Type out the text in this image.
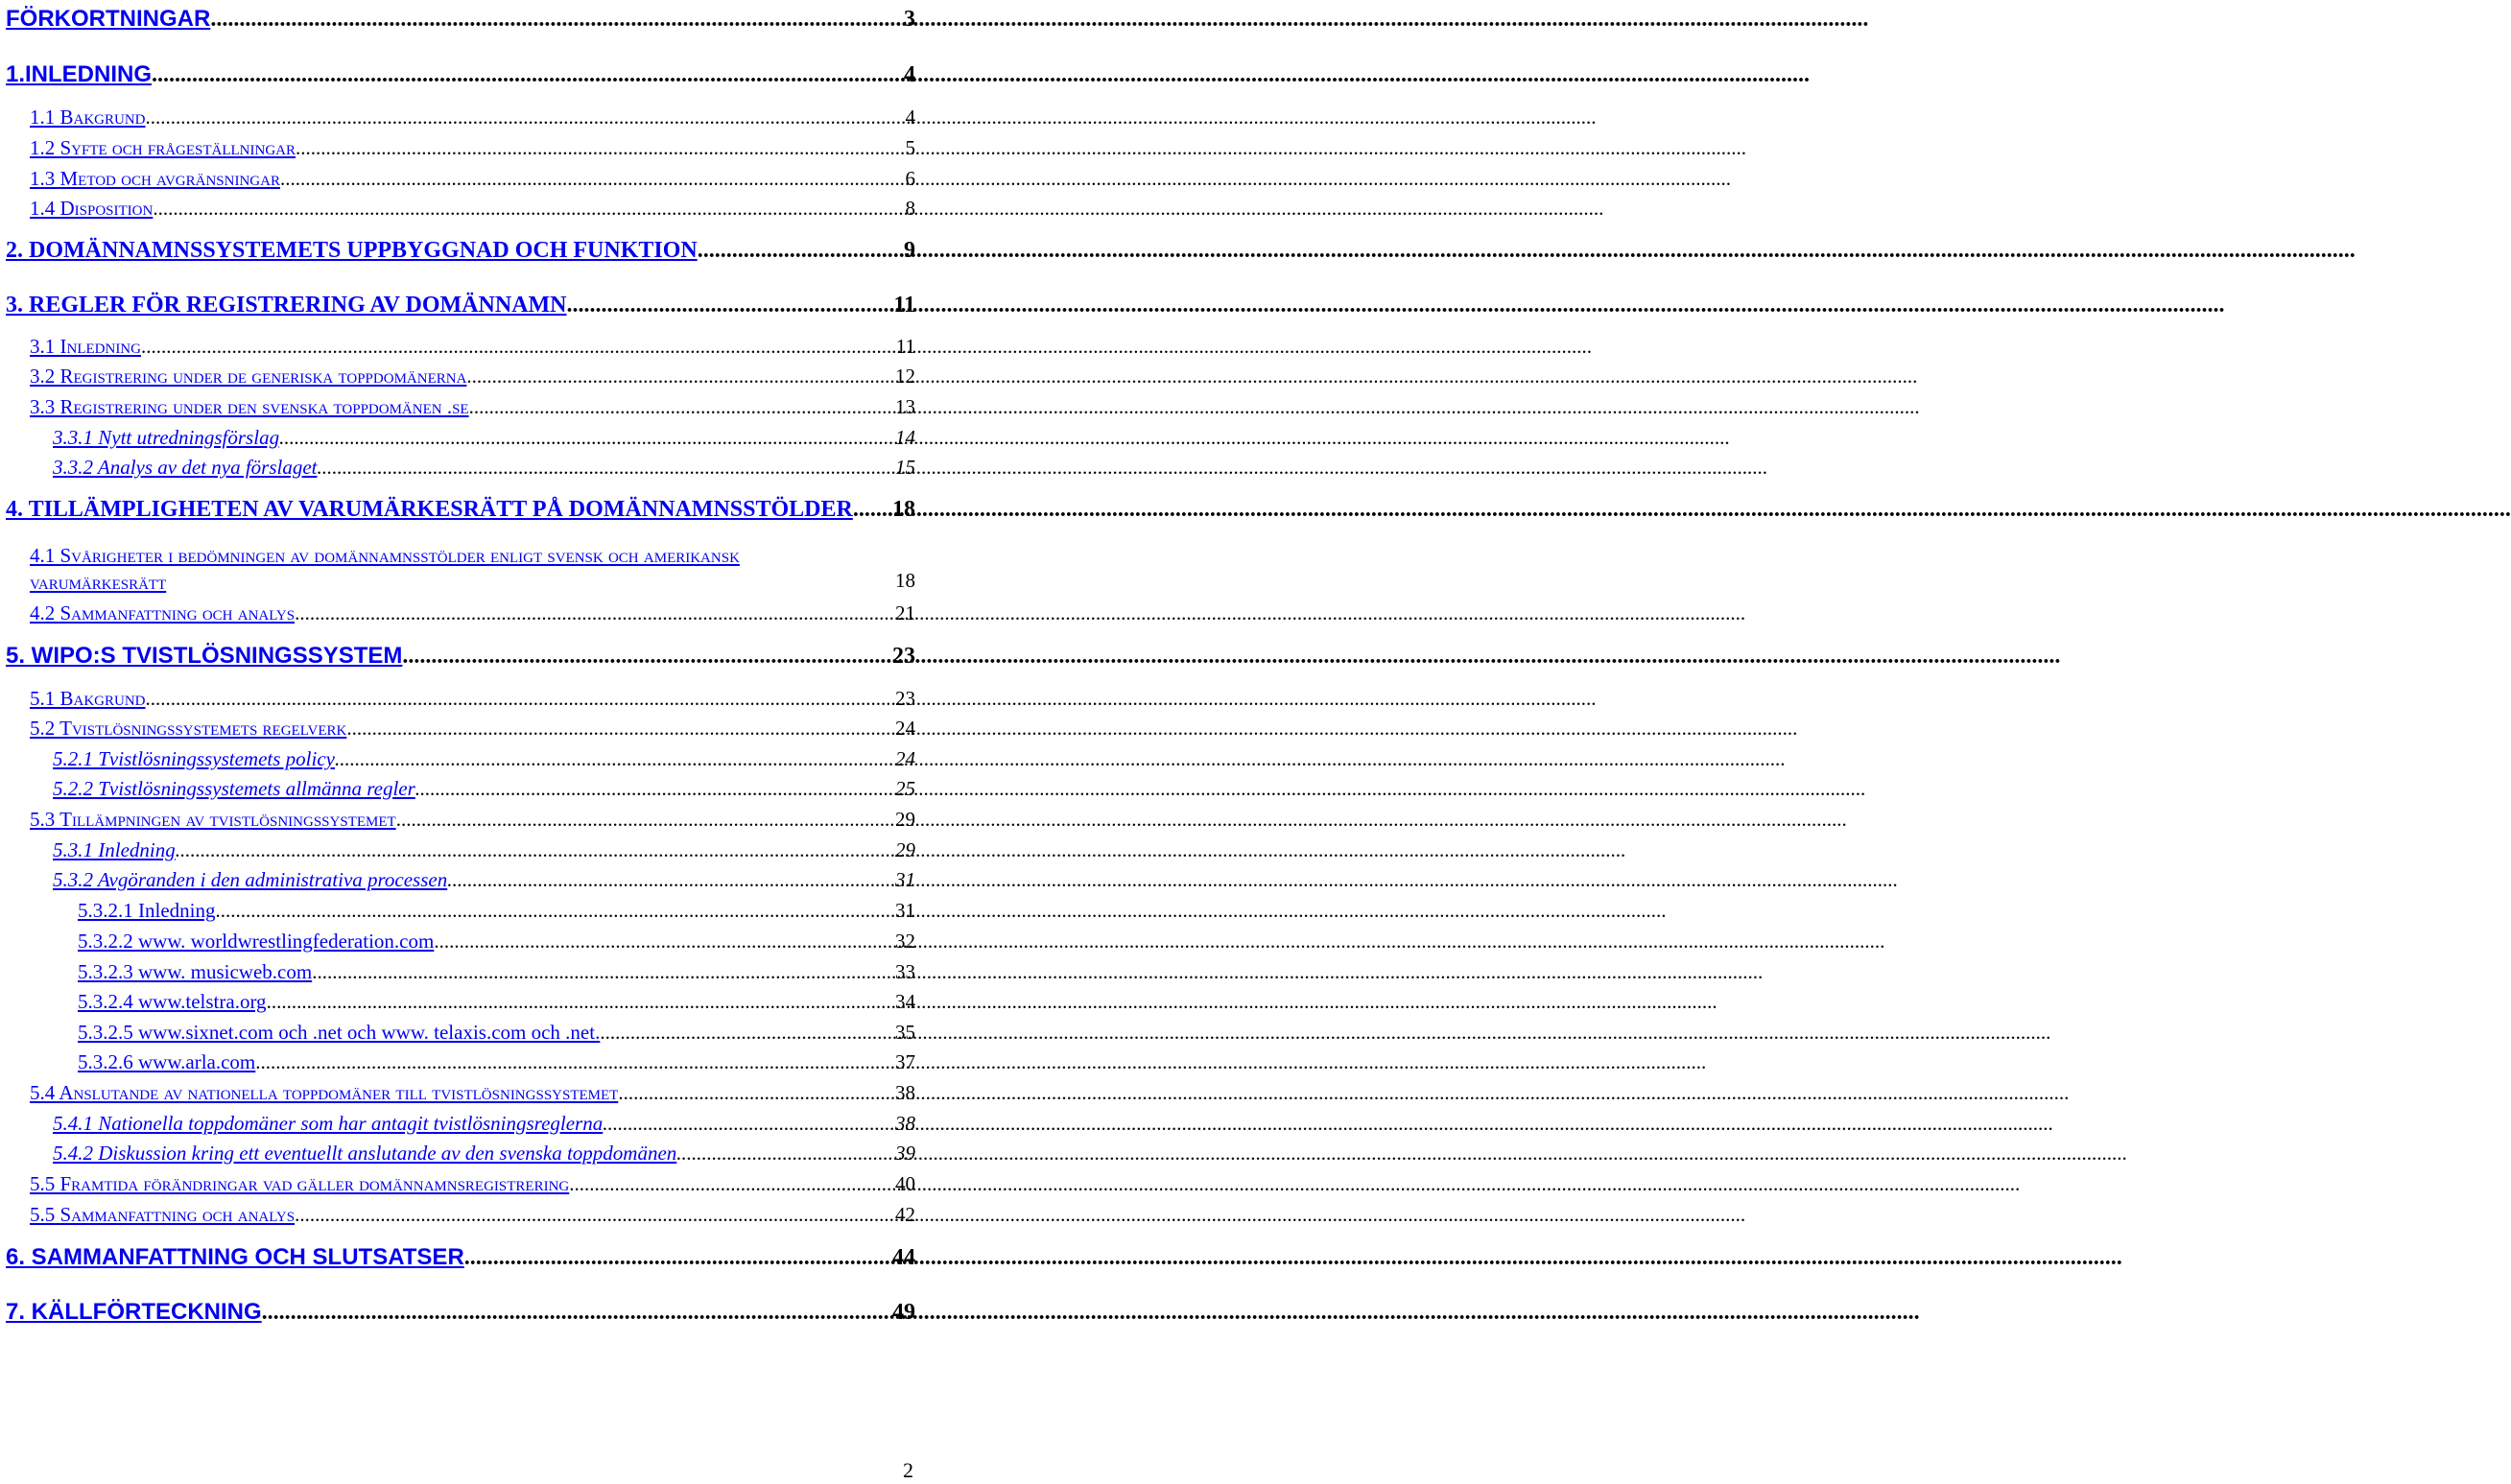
FÖRKORTNINGAR .....	3
1.INLEDNING .....	4
1.1 Bakgrund .....	4
1.2 Syfte och frågeställningar .....	5
1.3 Metod och avgränsningar .....	6
1.4 Disposition .....	8
2. DOMÄNNAMNSSYSTEMETS UPPBYGGNAD OCH FUNKTION .....	9
3. REGLER FÖR REGISTRERING AV DOMÄNNAMN .....	11
3.1 Inledning .....	11
3.2 Registrering under de generiska toppdomänerna .....	12
3.3 Registrering under den svenska toppdomänen .se .....	13
3.3.1 Nytt utredningsförslag .....	14
3.3.2 Analys av det nya förslaget .....	15
4. TILLÄMPLIGHETEN AV VARUMÄRKESRÄTT PÅ DOMÄNNAMNSSTÖLDER ..... 18
4.1 Svårigheter i bedömningen av domännamnsstölder enligt svensk och amerikansk varumärkesrätt	18
4.2 Sammanfattning och analys .....	21
5. WIPO:S TVISTLÖSNINGSSYSTEM .....	23
5.1 Bakgrund .....	23
5.2 Tvistlösningssystemets regelverk .....	24
5.2.1 Tvistlösningssystemets policy .....	24
5.2.2 Tvistlösningssystemets allmänna regler .....	25
5.3 Tillämpningen av tvistlösningssystemet .....	29
5.3.1 Inledning .....	29
5.3.2 Avgöranden i den administrativa processen .....	31
5.3.2.1 Inledning .....	31
5.3.2.2 www. worldwrestlingfederation.com .....	32
5.3.2.3 www. musicweb.com .....	33
5.3.2.4 www.telstra.org .....	34
5.3.2.5 www.sixnet.com och .net och www. telaxis.com och .net. .....	35
5.3.2.6 www.arla.com .....	37
5.4 Anslutande av nationella toppdomäner till tvistlösningssystemet .....	38
5.4.1 Nationella toppdomäner som har antagit tvistlösningsreglerna .....	38
5.4.2 Diskussion kring ett eventuellt anslutande av den svenska toppdomänen .....	39
5.5 Framtida förändringar vad gäller domännamnsregistrering .....	40
5.5 Sammanfattning och analys .....	42
6. SAMMANFATTNING OCH SLUTSATSER .....	44
7. KÄLLFÖRTECKNING .....	49
2
